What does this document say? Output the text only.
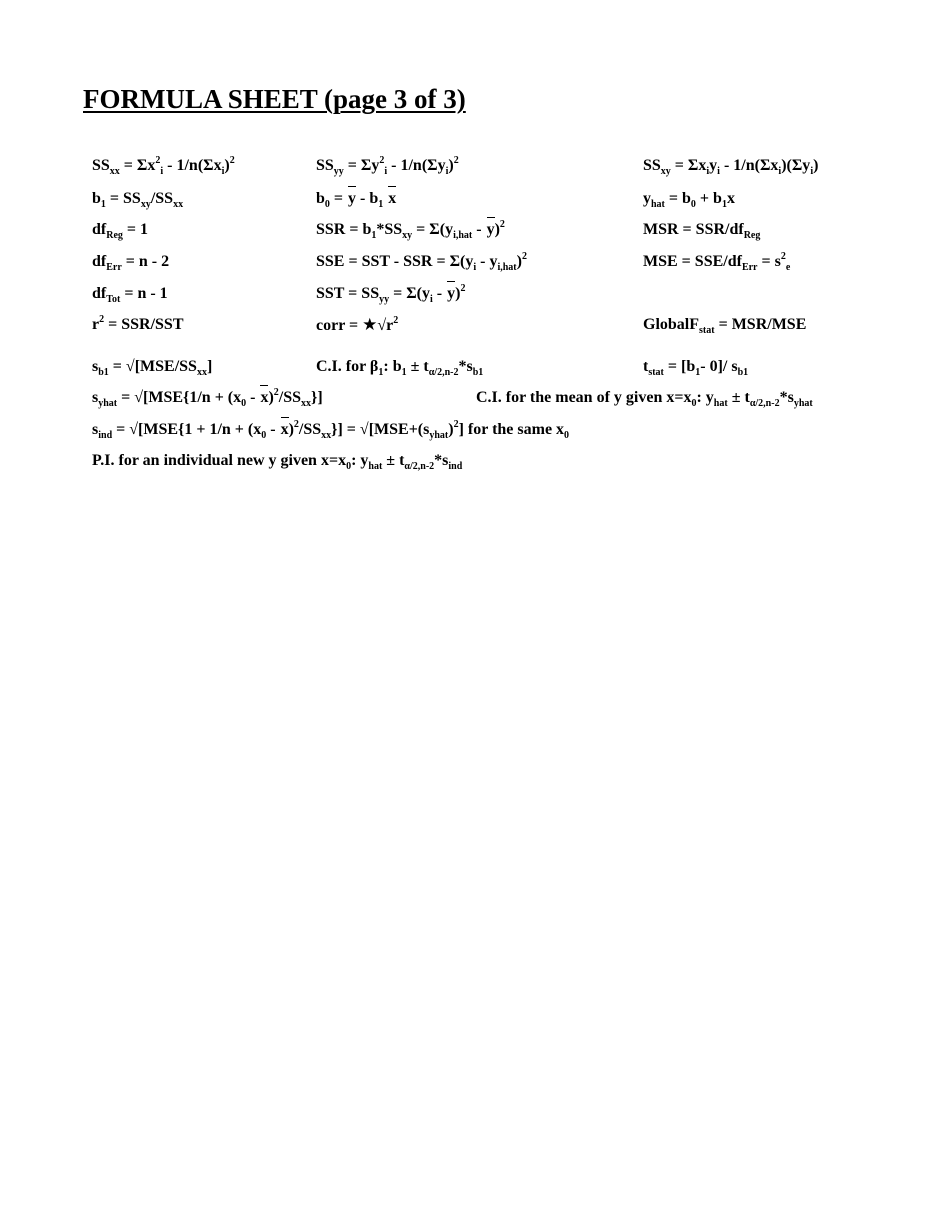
FORMULA SHEET (page 3 of 3)
$SS_{xx} = \Sigma x^2_i - 1/n(\Sigma x_i)^2$	$SS_{yy} = \Sigma y^2_i - 1/n(\Sigma y_i)^2$	$SS_{xy} = \Sigma x_iy_i - 1/n(\Sigma x_i)(\Sigma y_i)$
$b_1 = SS_{xy}/SS_{xx}$	$b_0 = y - b_1$ x	$y_{hat} = b_0 + b_1x$
$df_{Reg} = 1$	SSR = $b_1*SS_{xy} = \Sigma(y_{i,hat} - y)^2$	MSR = SSR/$df_{Reg}$
$df_{Err} = n - 2$	SSE = SST - SSR = $\Sigma(y_i - y_{i,hat})^2$	MSE = SSE/$df_{Err} = s^2_e$
$df_{Tot} = n - 1$	SST = $SS_{yy} = \Sigma(y_i - y)^2$
$r^2 = SSR/SST$	corr = $★√r^2$	GlobalF$_{stat}$ = MSR/MSE
$s_{b1} = √[MSE/SS_{xx}]$	C.I. for $\beta_1$: $b_1 \pm t_{\alpha/2,n-2}*s_{b1}$	$t_{stat} = [b_1-$ 0]/ $s_{b1}$
$s_{yhat} = √[MSE\{1/n + (x_0 - x)^2/SS_{xx}\}]$	C.I. for the mean of y given $x=x_0$: $y_{hat} \pm t_{\alpha/2,n-2}*s_{yhat}$
$s_{ind} = √[MSE\{1 + 1/n + (x_0 - x)^2/SS_{xx}\}] = √[MSE+(s_{yhat})^2]$ for the same $x_0$
P.I. for an individual new y given $x=x_0$: $y_{hat} \pm t_{\alpha/2,n-2}*s_{ind}$
